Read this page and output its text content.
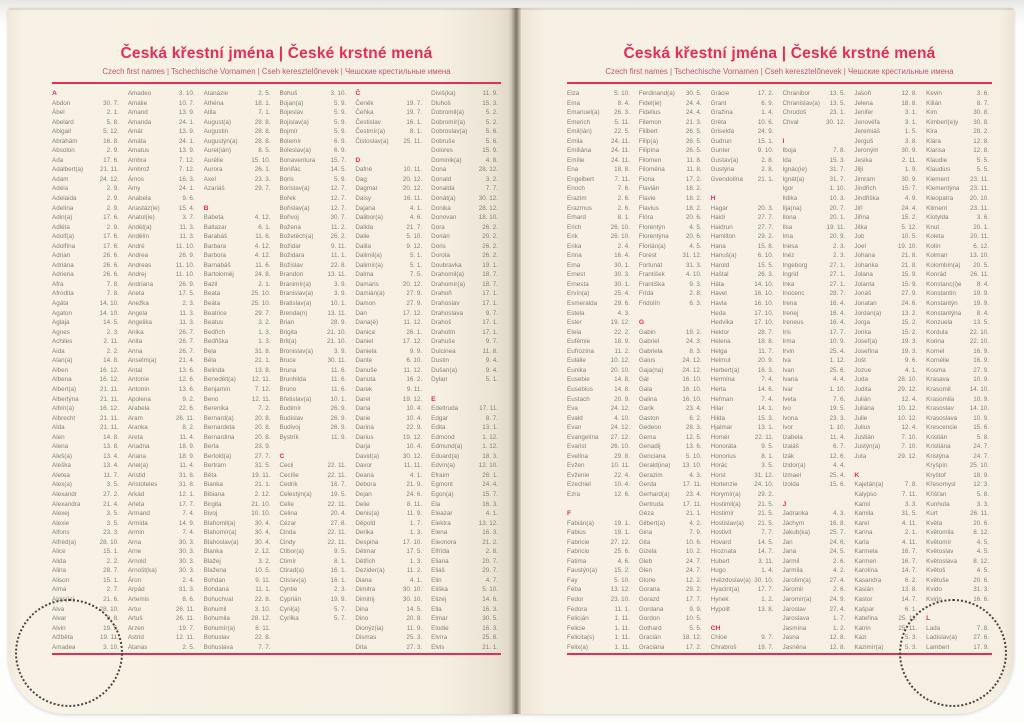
Česká křestní jména | České krstné mená
Czech first names | Tschechische Vornamen | Cseh keresztelőnevek | Чешские крестильные имена
A
Abdon	30. 7.
Ábel	2. 1.
Abelard	5. 8.
Abigail	5. 12.
Abrahám	16. 8.
Absolon	2. 9.
Ada	17. 6.
Adalbert(a)	21. 11.
Adam	24. 12.
Adéla	2. 9.
Adelaida	2. 9.
Adelína	2. 9.
Adin(a)	17. 6.
Adléta	2. 9.
Adolf(a)	17. 6.
Adolfína	17. 6.
Adrian	26. 6.
Adriána	26. 6.
Adriena	26. 6.
Afra	7. 8.
Afrodita	7. 8.
Agáta	14. 10.
Agaton	14. 10.
Aglaja	14. 5.
Agnes	2. 3.
Achiles	2. 11.
Aida	2. 2.
Alan(a)	14. 8.
Alben	16. 12.
Albena	16. 12.
Albert(a)	21. 11.
Albertýna	21. 11.
Albín(a)	16. 12.
Albrecht	21. 11.
Alda	21. 11.
Alen	14. 8.
Alena	13. 8.
Aleš(a)	13. 4.
Aleška	13. 4.
Aletea	11. 7.
Alex(a)	3. 5.
Alexandr	27. 2.
Alexandra	21. 4.
Alexej	3. 5.
Alexie	3. 5.
Alfons	23. 3.
Alfréd(a)	28. 10.
Alice	15. 1.
Alida	2. 2.
Alina	28. 7.
Alison	15. 1.
Alma	2. 7.
Alois(ie)	21. 6.
Alva	28. 10.
Alvar	8. 8.
Alvin	19. 5.
Alžběta	19. 11.
Amadea	3. 10.
Amadeo	3. 10.
Amálie	10. 7.
Amand	13. 9.
Amanda	24. 1.
Amát	13. 9.
Amáta	24. 1.
Amatus	13. 9.
Ambra	7. 12.
Ambrož	7. 12.
Ámos	16. 3.
Amy	24. 1.
Anabela	9. 6.
Anastáz(ie)	15. 4.
Anatol(ie)	3. 7.
Anděl(a)	11. 3.
Andělín	11. 3.
André	11. 10.
Andrea	26. 9.
Andreas	11. 10.
Andrej	11. 10.
Andriana	26. 9.
Aneta	17. 5.
Anežka	2. 3.
Angela	11. 3.
Angelika	11. 3.
Anika	26. 7.
Anita	26. 7.
Anna	26. 7.
Anselm(a)	21. 4.
Antal	13. 6.
Antonie	12. 6.
Antonín	13. 6.
Apolena	9. 2.
Arabela	22. 6.
Aram	26. 11.
Aranka	8. 2.
Areta	11. 4.
Ariadna	18. 9.
Ariana	18. 9.
Ariel(a)	11. 4.
Aristid	31. 8.
Aristoteles	31. 8.
Arkád	12. 1.
Arleta	17. 7.
Armand	7. 4.
Armida	14. 9.
Armin	7. 4.
Arna	30. 3.
Arne	30. 3.
Arnold	30. 3.
Arnošt(ka)	30. 3.
Áron	2. 4.
Arpád	31. 3.
Artemis	8. 6.
Artur	26. 11.
Artuš	26. 11.
Arzen	19. 7.
Astrid	12. 11.
Atanas	2. 5.
Atanázie	2. 5.
Athéna	18. 1.
Atila	7. 1.
August(a)	28. 8.
Augustin	28. 8.
Augustýn(a)	28. 8.
Aurel(ián)	8. 5.
Aurélie	15. 10.
Aurora	26. 1.
Axel	23. 3.
Azariáš	29. 7.
B
Babeta	4. 12.
Baltazar	6. 1.
Barabáš	11. 6.
Barbara	4. 12.
Barbora	4. 12.
Barnabáš	11. 6.
Bartoloměj	24. 8.
Bazil	2. 1.
Beata	25. 10.
Beáta	25. 10.
Beatrice	29. 7.
Beatus	3. 2.
Bedřich	1. 3.
Bedřiška	1. 3.
Bela	31. 8.
Béla	21. 1.
Belinda	13. 8.
Benedikt(a)	12. 11.
Benjamín	7. 12.
Beno	12. 11.
Berenika	7. 2.
Bernard(a)	20. 8.
Bernardeta	20. 8.
Bernardina	20. 8.
Berta	23. 9.
Bertold(a)	27. 7.
Bertram	31. 5.
Běta	19. 11.
Bianka	21. 1.
Bibiana	2. 12.
Birgita	21. 10.
Bivoj	10. 10.
Blahomil(a)	30. 4.
Blahomír(a)	30. 4.
Blahoslav(a)	30. 4.
Blanka	2. 12.
Blažej	3. 2.
Blažena	10. 5.
Bohdan	9. 11.
Bohdana	11. 1.
Bohuchval	22. 8.
Bohumil	3. 10.
Bohumila	28. 12.
Bohumír(a)	8. 11.
Bohuslav	22. 8.
Bohuslava	7. 7.
Bohuš	3. 10.
Bojan(a)	5. 9.
Bojeslav	5. 9.
Bojislav(a)	5. 9.
Bojmír	5. 9.
Bolemír	6. 9.
Boleslav(a)	6. 9.
Bonaventura 15. 7.
Bonifác	14. 5.
Boris	5. 9.
Borislav(a)	12. 7.
Bořek	12. 7.
Bořislav(a)	12. 7.
Bořivoj	30. 7.
Božena	11. 2.
Božetěch(a)	26. 2.
Božidar	9. 11.
Božidara	11. 1.
Božislav	22. 8.
Brandon	13. 11.
Branimír(a)	3. 9.
Branislav(a)	3. 9.
Bratislav(a)	10. 1.
Brenda(n)	13. 11.
Brian	28. 9.
Brigita	21. 10.
Brit(a)	21. 10.
Bronislav(a)	3. 9.
Bruce	30. 11.
Bruna	11. 6.
Brunhilda	11. 6.
Bruno	11. 6.
Břetislav(a)	10. 1.
Budimír	26. 9.
Budislav	26. 9.
Budivoj	26. 9.
Bystrík	11. 9.
C
Cecil	22. 11.
Cecílie	22. 11.
Cedrik	16. 7.
Celestýn(a)	19. 5.
Celie	22. 11.
Celina	20. 4.
Cézar	27. 8.
Cinda	22. 11.
Cindy	22. 11.
Ctibor(a)	9. 5.
Ctimír	8. 1.
Ctirad(a)	16. 1.
Ctislav(a)	16. 1.
Cyntie	2. 3.
Cyprián	19. 9.
Cyril(a)	5. 7.
Cyrilka	5. 7.
Č
Čeněk	19. 7.
Čeňka	19. 7.
Čestislav	16. 1.
Čestmír(a)	8. 1.
Čistoslav(a) 25. 11.
D
Dafné	10. 11.
Dag	20. 12.
Dagmar	20. 12.
Daisy	16. 11.
Dajana	4. 1.
Dalibor(a)	4. 6.
Dalida	21. 7.
Dalie	5. 10.
Dalila	9. 12.
Dalimil(a)	5. 1.
Dalimír(a)	5. 1.
Dalma	7. 5.
Damaris	20. 12.
Damián(a)	27. 9.
Damon	27. 9.
Dan	17. 12.
Dana(é)	11. 12.
Danica	26. 1.
Daniel	17. 12.
Daniela	9. 9.
Dante	6. 10.
Danuše	11. 12.
Danuta	16. 2.
Darek	9. 11.
Darel	19. 12.
Daria	10. 4.
Darie	10. 4.
Darina	22. 9.
Darius	19. 12.
Darja	10. 4.
David(a)	30. 12.
Davor	11. 11.
Deana	4. 1.
Debora	21. 9.
Dejan	24. 6.
Delie	8. 11.
Denis(a)	11. 9.
Děpold	1. 7.
Derika	1. 3.
Despina	17. 10.
Dětmar	17. 5.
Dětřich	1. 3.
Dezider(a)	11. 2.
Diana	4. 1.
Dimitra	30. 10.
Dimitrij	30. 10.
Dina	14. 5.
Dino	20. 8.
Dionýz(ia)	11. 9.
Dismas	25. 3.
Díta	27. 3.
Diviš(ka)	11. 9.
Dluhoš	15. 3.
Dobromil(a)	5. 2.
Dobromír(a)	5. 2.
Dobroslav(a)	5. 6.
Dobruše	5. 6.
Dolores	15. 9.
Dominik(a)	4. 8.
Dona	28. 12.
Donald	3. 2.
Donalda	7. 7.
Donát(a)	30. 12.
Donika	28. 12.
Donovan	18. 10.
Dora	26. 2.
Dorián	20. 2.
Doris	26. 2.
Dorota	26. 2.
Doubravka	19. 1.
Drahomil(a)	18. 7.
Drahomír(a)	18. 7.
Drahoň	17. 1.
Drahoslav	17. 1.
Drahoslava	9. 7.
Drahoš	17. 1.
Drahotín	17. 1.
Drahuše	9. 7.
Dulcinea	11. 8.
Dustin	9. 4.
Dušan(a)	9. 4.
Dylan	5. 1.
E
Edeltruda	17. 11.
Edgar	8. 7.
Edita	13. 1.
Edmond	1. 12.
Edmund(a)	1. 12.
Eduard(a)	18. 3.
Edvín(a)	12. 10.
Efraim	28. 1.
Egmont	24. 4.
Egon(a)	15. 7.
Ela	16. 3.
Eleazar	4. 1.
Elektra	13. 12.
Elena	16. 3.
Eleonora	21. 2.
Elfrída	2. 8.
Eliana	20. 7.
Eliáš	20. 7.
Elin	4. 7.
Eliška	5. 10.
Elizej	14. 6.
Ella	16. 3.
Elmar	30. 5.
Elodie	16. 3.
Elvíra	25. 8.
Elvis	21. 1.
Česká křestní jména | České krstné mená
Czech first names | Tschechische Vornamen | Cseh keresztelőnevek | Чешские крестильные имена
Elza	5. 10.
Ema	8. 4.
Emanuel(a) 26. 3.
Emerich	5. 11.
Emil(ián)	22. 5.
Emila	24. 11.
Emiliána	24. 11.
Emílie	24. 11.
Ena	18. 8.
Engelbert	7. 11.
Enoch	7. 6.
Erazim	2. 6.
Erazmus	2. 6.
Erhard	8. 1.
Erich	26. 10.
Erik	26. 10.
Erika	2. 4.
Erina	16. 4.
Erna	30. 1.
Ernest	30. 3.
Ernesta	30. 1.
Ervín(a)	25. 4.
Esmeralda	29. 6.
Estela	4. 3.
Ester	19. 12.
Etela	22. 2.
Eufémie	18. 9.
Eufrozína	11. 2.
Eulálie	10. 12.
Eunika	20. 10.
Eusebie	14. 8.
Eusebius	14. 8.
Eustach	20. 9.
Eva	24. 12.
Evald	4. 10.
Evan	24. 12.
Evangelína 27. 12.
Evarist	26. 10.
Evelína	29. 8.
Evžen	10. 11.
Evženie	22. 4.
Ezechiel	10. 4.
Ezra	12. 6.
F
Fabián(a)	19. 1.
Fabius	19. 1.
Fabricie	27. 12.
Fabricio	25. 6.
Fatima	4. 6.
Faustýn(a)	15. 2.
Fay	5. 10.
Féba	13. 12.
Fedor	23. 10.
Fedora	11. 1.
Felicián	1. 11.
Felicie	1. 11.
Felicita(s)	1. 11.
Felix(a)	1. 11.
Ferdinand(a) 30. 5.
Fidel(ie)	24. 4.
Fidelius	24. 4.
Filemon	21. 3.
Filibert	26. 5.
Filip(a)	26. 5.
Filipína	26. 5.
Filomen	11. 8.
Filoména	11. 8.
Fiona	17. 2.
Flavián	18. 2.
Flavie	18. 2.
Flavius	18. 2.
Flóra	20. 6.
Florentýn	4. 5.
Florentýna	20. 6.
Florián(a)	4. 5.
Forest	31. 12.
Fortunát	31. 3.
František	4. 10.
Františka	9. 3.
Frída	2. 8.
Fridolín	6. 3.
G
Gabin	19. 2.
Gabriel	24. 3.
Gabriela	8. 3.
Gaius	24. 12.
Gaja(na)	24. 12.
Gál	16. 10.
Gala	16. 10.
Galina	16. 10.
Garik	23. 4.
Gaston	6. 2.
Gedeon	28. 3.
Gema	12. 5.
Genadij	13. 6.
Genciana	5. 10.
Gerald(ina) 13. 10.
Gerazim	4. 3.
Gerda	17. 11.
Gerhard(a)	23. 4.
Gertruda	17. 11.
Géza	21. 1.
Gilbert(a)	4. 2.
Gina	7. 9.
Gita	10. 6.
Gizela	10. 2.
Gleb	24. 7.
Glen	24. 7.
Glorie	12. 2.
Gorana	29. 2.
Gorazd	17. 7.
Gordana	9. 9.
Gordon	10. 5.
Gothard	5. 5.
Gracián	18. 12.
Graciána	17. 2.
Grácie	17. 2.
Grant	6. 9.
Gražina	1. 4.
Gréta	10. 6.
Griselda	24. 9.
Gudrun	15. 1.
Gunter	9. 10.
Gustav(a)	2. 8.
Gustýna	2. 8.
Gvendolína 21. 1.
H
Hagar	20. 3.
Haidi	27. 7.
Haidrun	27. 7.
Hamilton	29. 2.
Hana	15. 8.
Hanuš(a)	6. 10.
Harold	15. 5.
Haštal	26. 3.
Háta	14. 10.
Havel	16. 10.
Havla	16. 10.
Heda	17. 10.
Hedvika	17. 10.
Hektor	28. 7.
Helena	18. 8.
Helga	11. 7.
Helmut	20. 9.
Herbert(a)	16. 3.
Hermína	7. 4.
Herta	14. 6.
Heřman	7. 4.
Hilar	14. 1.
Hilda	15. 3.
Hjalmar	13. 1.
Homér	22. 11.
Honoráta	9. 5.
Honorius	8. 1.
Horác	3. 5.
Horst	31. 12.
Hortenzie	24. 10.
Horymír(a)	29. 2.
Hostimil(a)	21. 5.
Hostimír	21. 5.
Hostislav(a) 21. 5.
Hostivít	7. 7.
Hovard	14. 5.
Hroznata	14. 7.
Hubert	3. 11.
Hugo	1. 4.
Hvězdoslav(a) 30. 10.
Hyacint(a)	17. 7.
Hynek	1. 2.
Hypolit	13. 8.
CH
Chloe	9. 7.
Chrabroš	19. 7.
Chranibor	13. 5.
Chranislav(a) 13. 5.
Chrudoš	23. 1.
Chval	30. 12.
I
Iboja	7. 8.
Ida	15. 3.
Ignác(ie)	31. 7.
Ignát(a)	31. 7.
Igor	1. 10.
Ildika	10. 3.
Ilja(na)	20. 7.
Ilona	20. 1.
Ilsa	19. 11.
Ima	20. 9.
Inesa	2. 3.
Inéz	2. 3.
Ingeborg	27. 1.
Ingrid	27. 1.
Inka	27. 1.
Inocenc	28. 7.
Irena	16. 4.
Irenej	16. 4.
Ireneus	16. 4.
Iris	17. 7.
Irma	10. 9.
Irvin	25. 4.
Iva	1. 12.
Ivan	25. 6.
Ivana	4. 4.
Ivar	1. 10.
Iveta	7. 6.
Ivo	19. 5.
Ivona	23. 3.
Ivor	1. 10.
Izabela	11. 4.
Izaiáš	6. 7.
Izák	12. 6.
Izidor(a)	4. 4.
Izmael	25. 4.
Izolda	15. 6.
J
Jadranka	4. 3.
Jáchym	16. 8.
Jakub(ka)	25. 7.
Jan	24. 6.
Jana	24. 5.
Jarmil	2. 6.
Jarmila	4. 2.
Jarolím(a)	27. 4.
Jaromil	2. 6.
Jaromír(a)	24. 9.
Jaroslav	27. 4.
Jaroslava	1. 7.
Jasmína	1. 2.
Jasna	12. 8.
Jasněna	12. 8.
Jasoň	12. 8.
Jelena	18. 8.
Jenifer	3. 1.
Jenovéfa	3. 1.
Jeremiáš	1. 5.
Jerguš	3. 8.
Jeroným	30. 9.
Jesika	2. 11.
Jiljí	1. 9.
Jimram	30. 9.
Jindřich	15. 7.
Jindřiška	4. 9.
Jiří	24. 4.
Jiřina	15. 2.
Jitka	5. 12.
Job	10. 5.
Joel	19. 10.
Johana	21. 8.
Johanka	21. 8.
Jolana	15. 9.
Jolanta	15. 9.
Jonáš	27. 9.
Jonatan	24. 6.
Jordan(a)	13. 2.
Jorga	15. 2.
Jorika	15. 2.
Josef(a)	19. 3.
Josefína	19. 3.
Jošt	9. 6.
Jozue	4. 1.
Juda	28. 10.
Judita	29. 12.
Julián	12. 4.
Juliána	10. 12.
Julie	10. 12.
Julius	12. 4.
Justián	7. 10.
Justýn(a)	7. 10.
Juta	29. 12.
K
Kajetán(a)	7. 8.
Kalypso	7. 11.
Kamil	3. 3.
Kamila	31. 5.
Karel	4. 11.
Karina	2. 1.
Karla	4. 11.
Karmela	16. 7.
Karmen	16. 7.
Karolína	14. 7.
Kasandra	6. 2.
Kasián	13. 8.
Kastor	14. 7.
Kašpar	6. 1.
Kateřina	25. 11.
Katrin	25. 11.
Kazi	5. 3.
Kazimír(a)	5. 3.
Kevin	3. 6.
Kilián	8. 7.
Kim	30. 8.
Kimberl(e)y 30. 8.
Kira	28. 2.
Klára	12. 8.
Klarisa	12. 8.
Klaudie	5. 5.
Klaudius	5. 5.
Klement	23. 11.
Klementýna 23. 11.
Kleopatra	20. 10.
Kliment	23. 11.
Klotylda	3. 6.
Knut	20. 1.
Koleta	20. 11.
Kolín	6. 12.
Kolman	13. 10.
Kolombín(a) 20. 5.
Konrád	26. 11.
Konstanc(i)e 8. 4.
Konstantin	19. 9.
Konstantýn 19. 9.
Konstantýna 8. 4.
Konzuela	13. 5.
Kordula	22. 10.
Korina	22. 10.
Kornel	16. 9.
Kornélie	16. 9.
Kosma	27. 9.
Krasava	10. 9.
Krasomil	14. 10.
Krasomila	10. 9.
Krasoslav	14. 10.
Krasoslava	10. 9.
Krescencie	15. 6.
Kristián	5. 8.
Kristiána	24. 7.
Kristýna	24. 7.
Kryšpín	25. 10.
Kryštof	18. 9.
Křesomysl	12. 3.
Křišťan	5. 8.
Kunhuta	3. 3.
Kurt	26. 11.
Květa	20. 6.
Květomila	8. 12.
Květomír	4. 5.
Květoslav	4. 5.
Květoslava	8. 12.
Květoš	4. 5.
Květuše	20. 6.
Kvido	31. 3.
Kvirin	16. 6.
L
Lada	7. 8.
Ladislav(a)	27. 6.
Lambert	17. 9.
